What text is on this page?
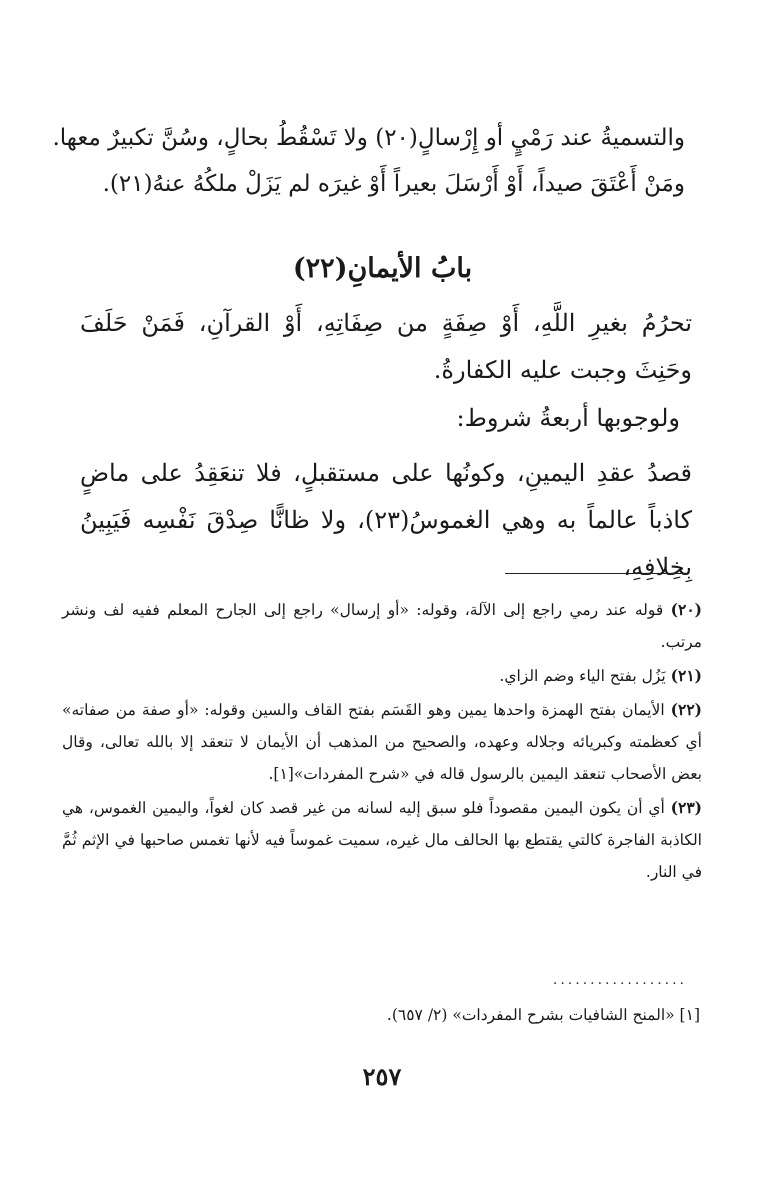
والتسميةُ عند رَمْيٍ أو إِرْسالٍ(٢٠) ولا تَسْقُطُ بحالٍ، وسُنَّ تكبيرٌ معها.
ومَنْ أَعْتَقَ صيداً، أَوْ أَرْسَلَ بعيراً أَوْ غيرَه لم يَزَلْ ملكُهُ عنهُ(٢١).
بابُ الأيمانِ(٢٢)
تحرُمُ بغيرِ اللَّهِ، أَوْ صِفَةٍ من صِفَاتِهِ، أَوْ القرآنِ، فَمَنْ حَلَفَ وحَنِثَ وجبت عليه الكفارةُ.
ولوجوبها أربعةُ شروط:
قصدُ عقدِ اليمينِ، وكونُها على مستقبلٍ، فلا تنعَقِدُ على ماضٍ كاذباً عالماً به وهي الغموسُ(٢٣)، ولا ظانًّا صِدْقَ نَفْسِه فَيَبِينُ بِخِلافِهِ،
(٢٠) قوله عند رمي راجع إلى الآلة، وقوله: «أو إرسال» راجع إلى الجارح المعلم ففيه لف ونشر مرتب.
(٢١) يَزُل بفتح الياء وضم الزاي.
(٢٢) الأيمان بفتح الهمزة واحدها يمين وهو القَسَم بفتح القاف والسين وقوله: «أو صفة من صفاته» أي كعظمته وكبريائه وجلاله وعهده، والصحيح من المذهب أن الأيمان لا تنعقد إلا بالله تعالى، وقال بعض الأصحاب تنعقد اليمين بالرسول قاله في «شرح المفردات»[١].
(٢٣) أي أن يكون اليمين مقصوداً فلو سبق إليه لسانه من غير قصد كان لغواً، واليمين الغموس، هي الكاذبة الفاجرة كالتي يقتطع بها الحالف مال غيره، سميت غموساً فيه لأنها تغمس صاحبها في الإثم ثُمَّ في النار.
..................
[١] «المنح الشافيات بشرح المفردات» (٢/ ٦٥٧).
٢٥٧
